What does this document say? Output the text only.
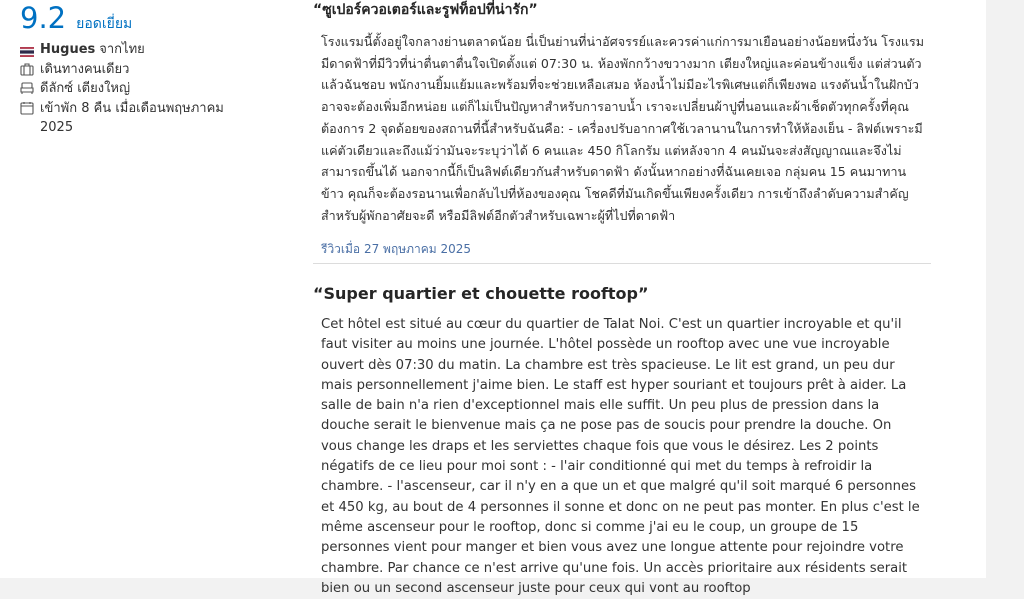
9.2 ยอดเยี่ยม
Hugues จากไทย
เดินทางคนเดียว
ดีลักซ์ เตียงใหญ่
เข้าพัก 8 คืน เมื่อเดือนพฤษภาคม 2025
“ซูเปอร์ควอเตอร์และรูฟท็อปที่น่ารัก”
โรงแรมนี้ตั้งอยู่ใจกลางย่านตลาดน้อย นี่เป็นย่านที่น่าอัศจรรย์และควรค่าแก่การมาเยือนอย่างน้อยหนึ่งวัน โรงแรมมีดาดฟ้าที่มีวิวที่น่าตื่นตาตื่นใจเปิดตั้งแต่ 07:30 น. ห้องพักกว้างขวางมาก เตียงใหญ่และค่อนข้างแข็ง แต่ส่วนตัวแล้วฉันชอบ พนักงานยิ้มแย้มและพร้อมที่จะช่วยเหลือเสมอ ห้องน้ำไม่มีอะไรพิเศษแต่ก็เพียงพอ แรงดันน้ำในฝักบัวอาจจะต้องเพิ่มอีกหน่อย แต่ก็ไม่เป็นปัญหาสำหรับการอาบน้ำ เราจะเปลี่ยนผ้าปูที่นอนและผ้าเช็ดตัวทุกครั้งที่คุณต้องการ 2 จุดด้อยของสถานที่นี้สำหรับฉันคือ: - เครื่องปรับอากาศใช้เวลานานในการทำให้ห้องเย็น - ลิฟต์เพราะมีแค่ตัวเดียวและถึงแม้ว่ามันจะระบุว่าได้ 6 คนและ 450 กิโลกรัม แต่หลังจาก 4 คนมันจะส่งสัญญาณและจึงไม่สามารถขึ้นได้ นอกจากนี้ก็เป็นลิฟต์เดียวกันสำหรับดาดฟ้า ดังนั้นหากอย่างที่ฉันเคยเจอ กลุ่มคน 15 คนมาทานข้าว คุณก็จะต้องรอนานเพื่อกลับไปที่ห้องของคุณ โชคดีที่มันเกิดขึ้นเพียงครั้งเดียว การเข้าถึงลำดับความสำคัญสำหรับผู้พักอาศัยจะดี หรือมีลิฟต์อีกตัวสำหรับเฉพาะผู้ที่ไปที่ดาดฟ้า
รีวิวเมื่อ 27 พฤษภาคม 2025
“Super quartier et chouette rooftop”
Cet hôtel est situé au cœur du quartier de Talat Noi. C'est un quartier incroyable et qu'il faut visiter au moins une journée. L'hôtel possède un rooftop avec une vue incroyable ouvert dès 07:30 du matin. La chambre est très spacieuse. Le lit est grand, un peu dur mais personnellement j'aime bien. Le staff est hyper souriant et toujours prêt à aider. La salle de bain n'a rien d'exceptionnel mais elle suffit. Un peu plus de pression dans la douche serait le bienvenue mais ça ne pose pas de soucis pour prendre la douche. On vous change les draps et les serviettes chaque fois que vous le désirez. Les 2 points négatifs de ce lieu pour moi sont : - l'air conditionné qui met du temps à refroidir la chambre. - l'ascenseur, car il n'y en a que un et que malgré qu'il soit marqué 6 personnes et 450 kg, au bout de 4 personnes il sonne et donc on ne peut pas monter. En plus c'est le même ascenseur pour le rooftop, donc si comme j'ai eu le coup, un groupe de 15 personnes vient pour manger et bien vous avez une longue attente pour rejoindre votre chambre. Par chance ce n'est arrive qu'une fois. Un accès prioritaire aux résidents serait bien ou un second ascenseur juste pour ceux qui vont au rooftop
